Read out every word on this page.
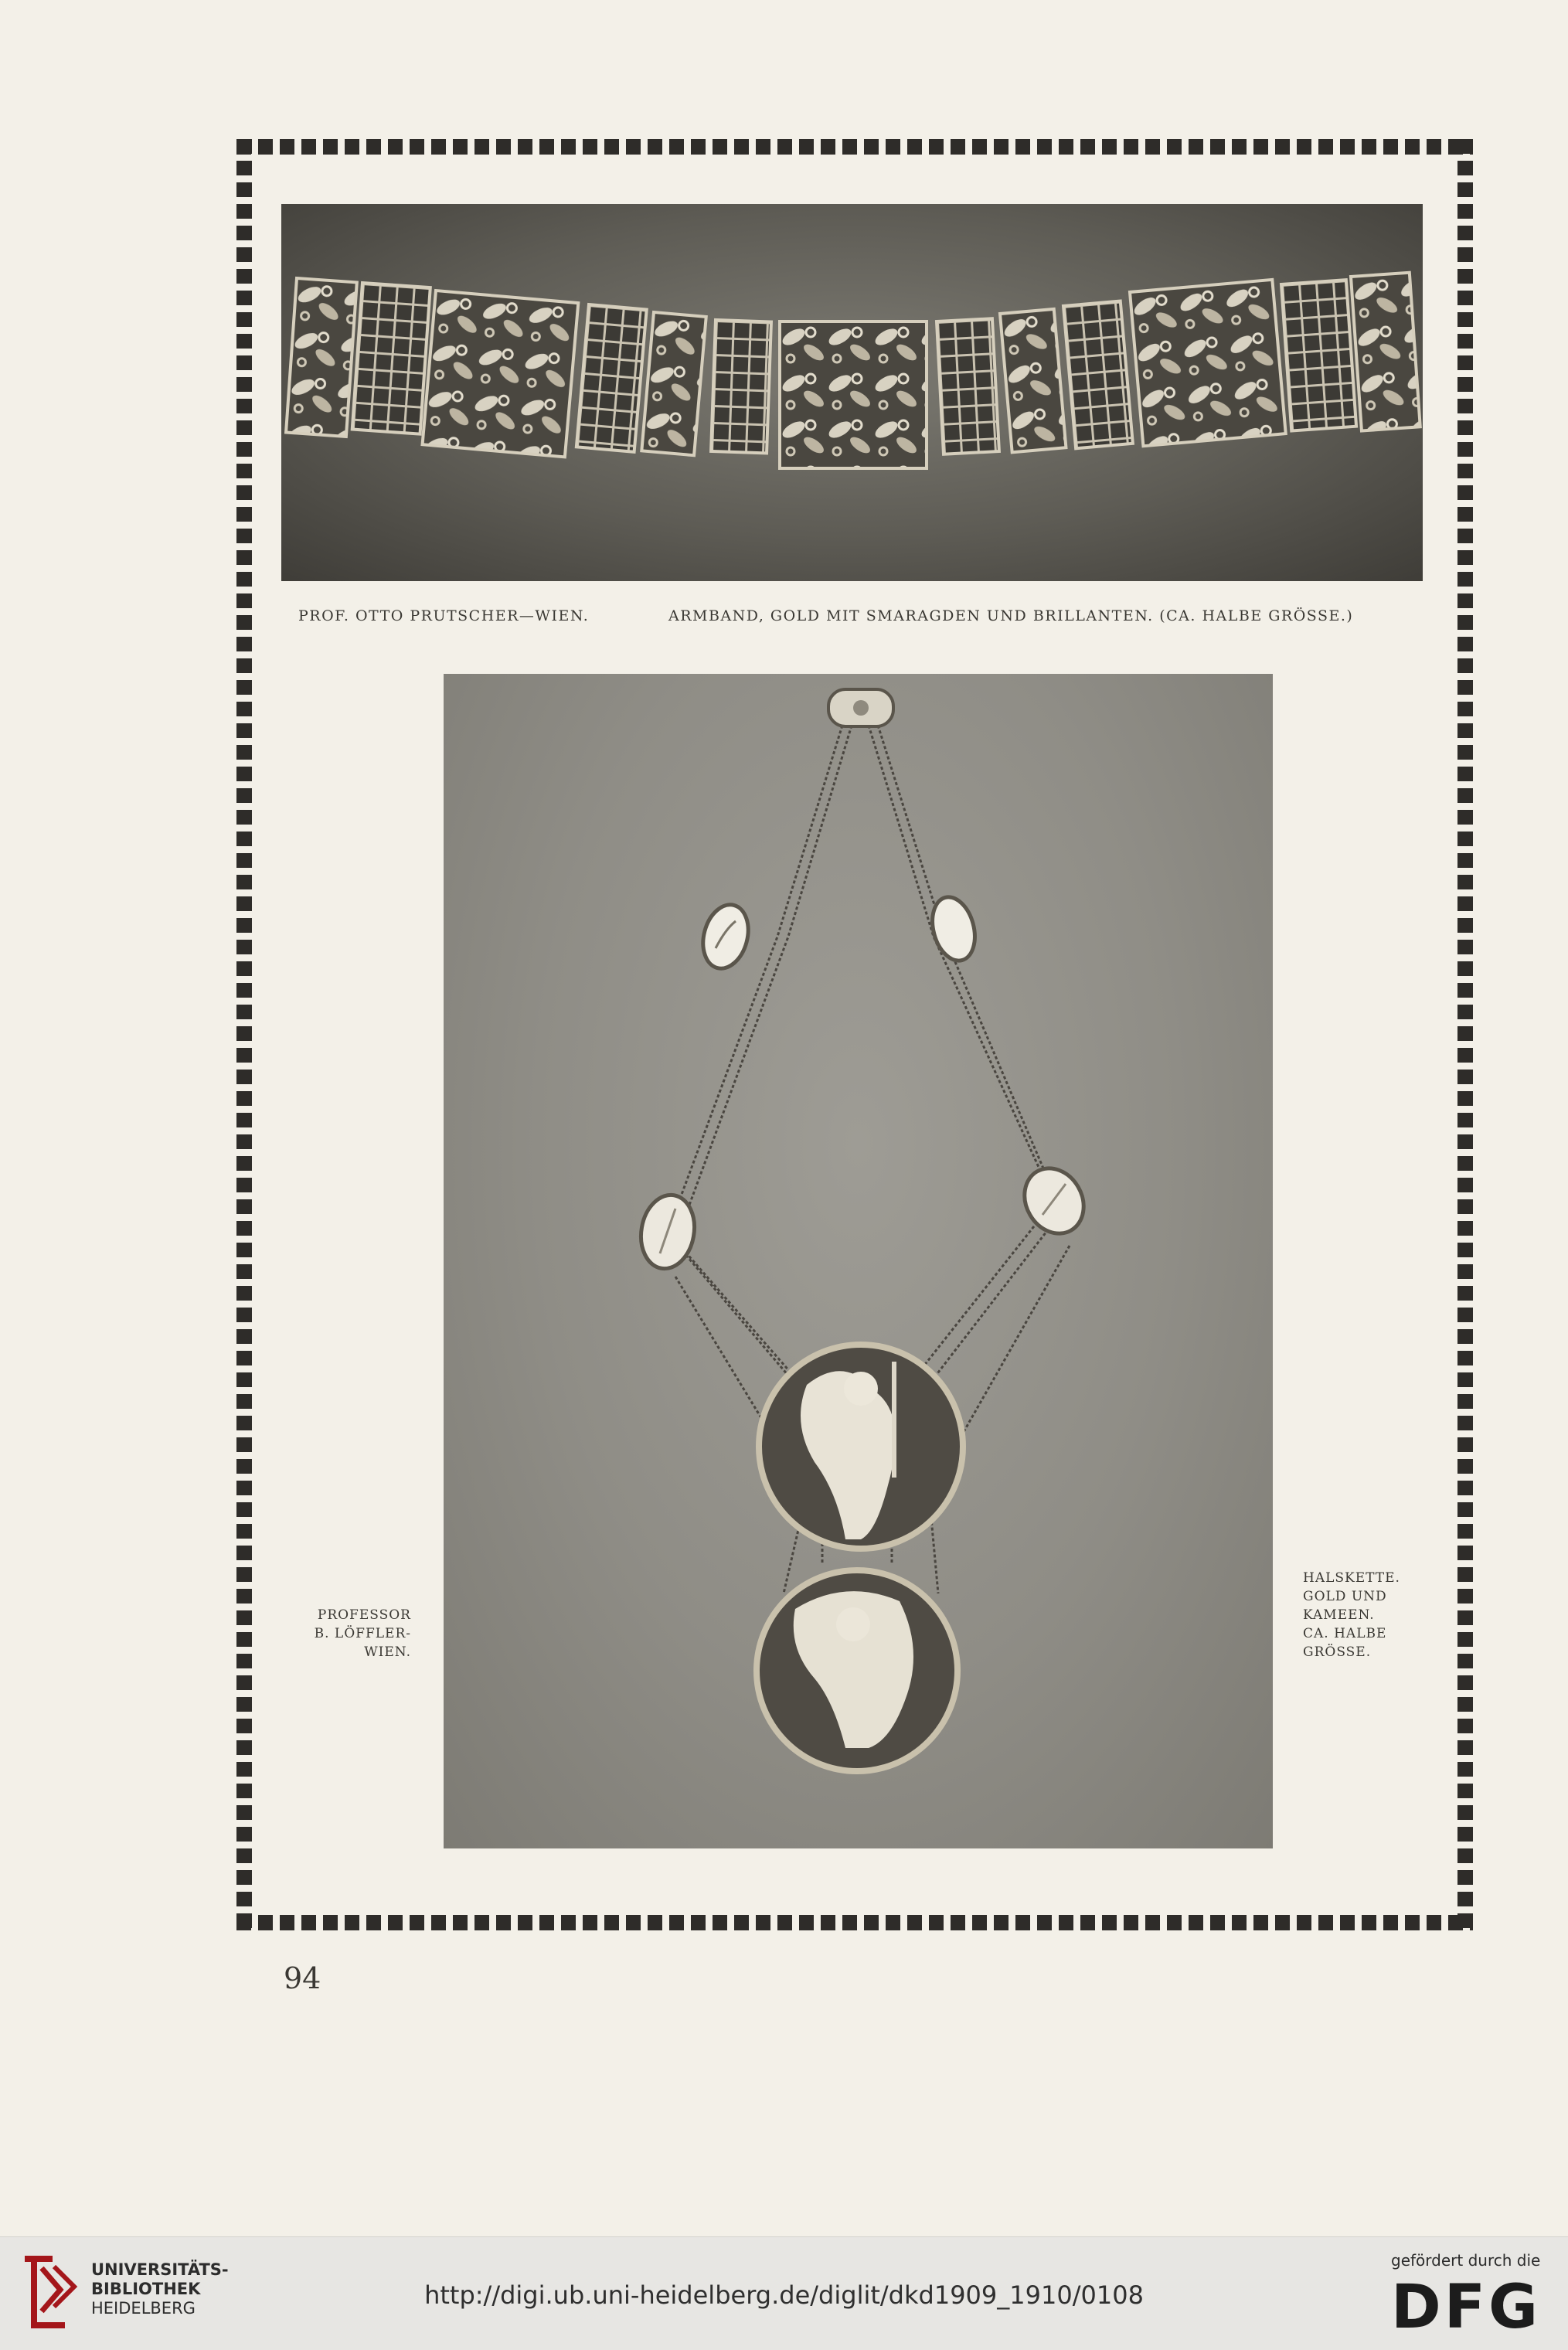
PROF. OTTO PRUTSCHER—WIEN.	ARMBAND, GOLD MIT SMARAGDEN UND BRILLANTEN. (CA. HALBE GRÖSSE.)
PROFESSOR
B. LÖFFLER-
WIEN.
HALSKETTE.
GOLD UND
KAMEEN.
CA. HALBE
GRÖSSE.
94
UNIVERSITÄTS-
BIBLIOTHEK
HEIDELBERG	http://digi.ub.uni-heidelberg.de/diglit/dkd1909_1910/0108
gefördert durch die
DFG
